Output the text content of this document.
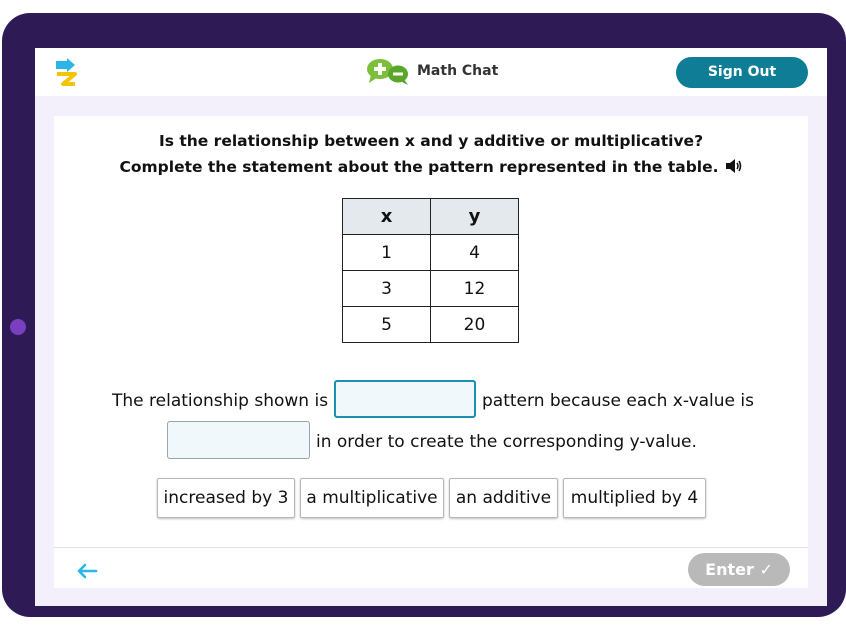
Math Chat	Sign Out
Is the relationship between x and y additive or multiplicative?
Complete the statement about the pattern represented in the table.
x	y
1	4
3	12
5	20
The relationship shown is	pattern because each x-value is
in order to create the corresponding y-value.
increased by 3	a multiplicative	an additive	multiplied by 4
Enter ✓
